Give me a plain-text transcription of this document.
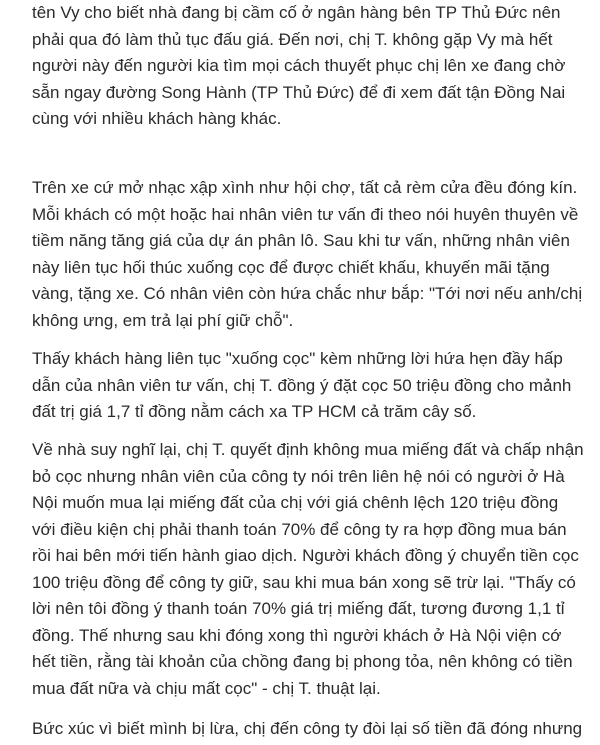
tên Vy cho biết nhà đang bị cầm cố ở ngân hàng bên TP Thủ Đức nên
phải qua đó làm thủ tục đấu giá. Đến nơi, chị T. không gặp Vy mà hết
người này đến người kia tìm mọi cách thuyết phục chị lên xe đang chờ
sẵn ngay đường Song Hành (TP Thủ Đức) để đi xem đất tận Đồng Nai
cùng với nhiều khách hàng khác.

Trên xe cứ mở nhạc xập xình như hội chợ, tất cả rèm cửa đều đóng kín.
Mỗi khách có một hoặc hai nhân viên tư vấn đi theo nói huyên thuyên về
tiềm năng tăng giá của dự án phân lô. Sau khi tư vấn, những nhân viên
này liên tục hối thúc xuống cọc để được chiết khấu, khuyến mãi tặng
vàng, tặng xe. Có nhân viên còn hứa chắc như bắp: "Tới nơi nếu anh/chị
không ưng, em trả lại phí giữ chỗ".

Thấy khách hàng liên tục "xuống cọc" kèm những lời hứa hẹn đầy hấp
dẫn của nhân viên tư vấn, chị T. đồng ý đặt cọc 50 triệu đồng cho mảnh
đất trị giá 1,7 tỉ đồng nằm cách xa TP HCM cả trăm cây số.

Về nhà suy nghĩ lại, chị T. quyết định không mua miếng đất và chấp nhận
bỏ cọc nhưng nhân viên của công ty nói trên liên hệ nói có người ở Hà
Nội muốn mua lại miếng đất của chị với giá chênh lệch 120 triệu đồng
với điều kiện chị phải thanh toán 70% để công ty ra hợp đồng mua bán
rồi hai bên mới tiến hành giao dịch. Người khách đồng ý chuyển tiền cọc
100 triệu đồng để công ty giữ, sau khi mua bán xong sẽ trừ lại. "Thấy có
lời nên tôi đồng ý thanh toán 70% giá trị miếng đất, tương đương 1,1 tỉ
đồng. Thế nhưng sau khi đóng xong thì người khách ở Hà Nội viện cớ
hết tiền, rằng tài khoản của chồng đang bị phong tỏa, nên không có tiền
mua đất nữa và chịu mất cọc" - chị T. thuật lại.

Bức xúc vì biết mình bị lừa, chị đến công ty đòi lại số tiền đã đóng nhưng
